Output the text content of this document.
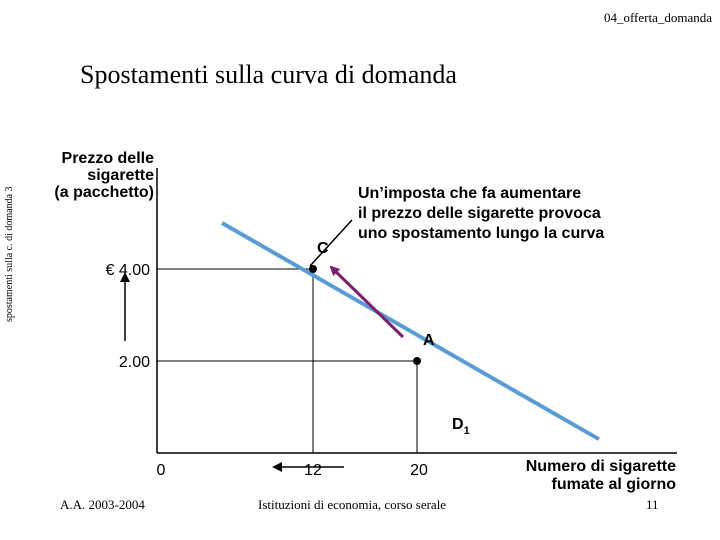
04_offerta_domanda
spostamenti sulla c. di domanda 3
Spostamenti sulla curva di domanda
Prezzo delle
sigarette
(a pacchetto)	Un’imposta che fa aumentare
il prezzo delle sigarette provoca
uno spostamento lungo la curva
Numero di sigarette
fumate al giorno
C
A
€ 4.00
2.00
0	12	20
$D_1$
A.A. 2003-2004	Istituzioni di economia, corso serale	11
